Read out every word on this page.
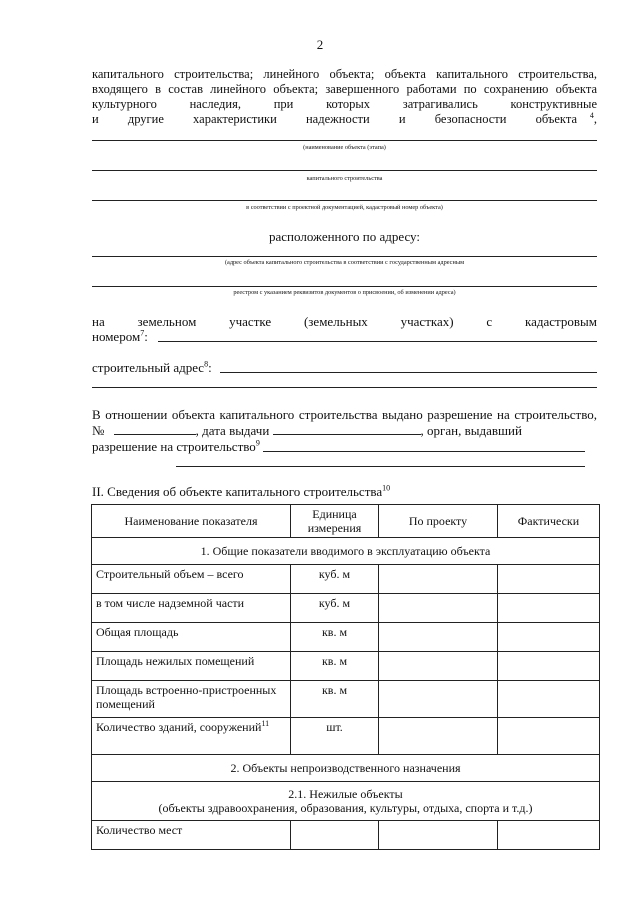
2
капитального строительства; линейного объекта; объекта капитального строительства,
входящего в состав линейного объекта; завершенного работами по сохранению объекта
культурного наследия, при которых затрагивались конструктивные
и другие характеристики надежности и безопасности объекта $^4$,
(наименование объекта (этапа)
капитального строительства
в соответствии с проектной документацией, кадастровый номер объекта)
расположенного по адресу:
(адрес объекта капитального строительства в соответствии с государственным адресным
реестром с указанием реквизитов документов о присвоении, об изменении адреса)
на земельном участке (земельных участках) с кадастровым
номером$^7$:
строительный адрес$^8$:
В отношении объекта капитального строительства выдано разрешение на строительство,
№	, дата выдачи	, орган, выдавший
разрешение на строительство$^9$
II. Сведения об объекте капитального строительства$^{10}$
Наименование показателя	Единица измерения	По проекту	Фактически
1. Общие показатели вводимого в эксплуатацию объекта			
Строительный объем – всего	куб. м		
в том числе надземной части	куб. м		
Общая площадь	кв. м		
Площадь нежилых помещений	кв. м		
Площадь встроенно-пристроенных помещений	кв. м		
Количество зданий, сооружений$^{11}$	шт.		
2. Объекты непроизводственного назначения			

2.1. Нежилые объекты
(объекты здравоохранения, образования, культуры, отдыха, спорта и т.д.)			

Количество мест			
